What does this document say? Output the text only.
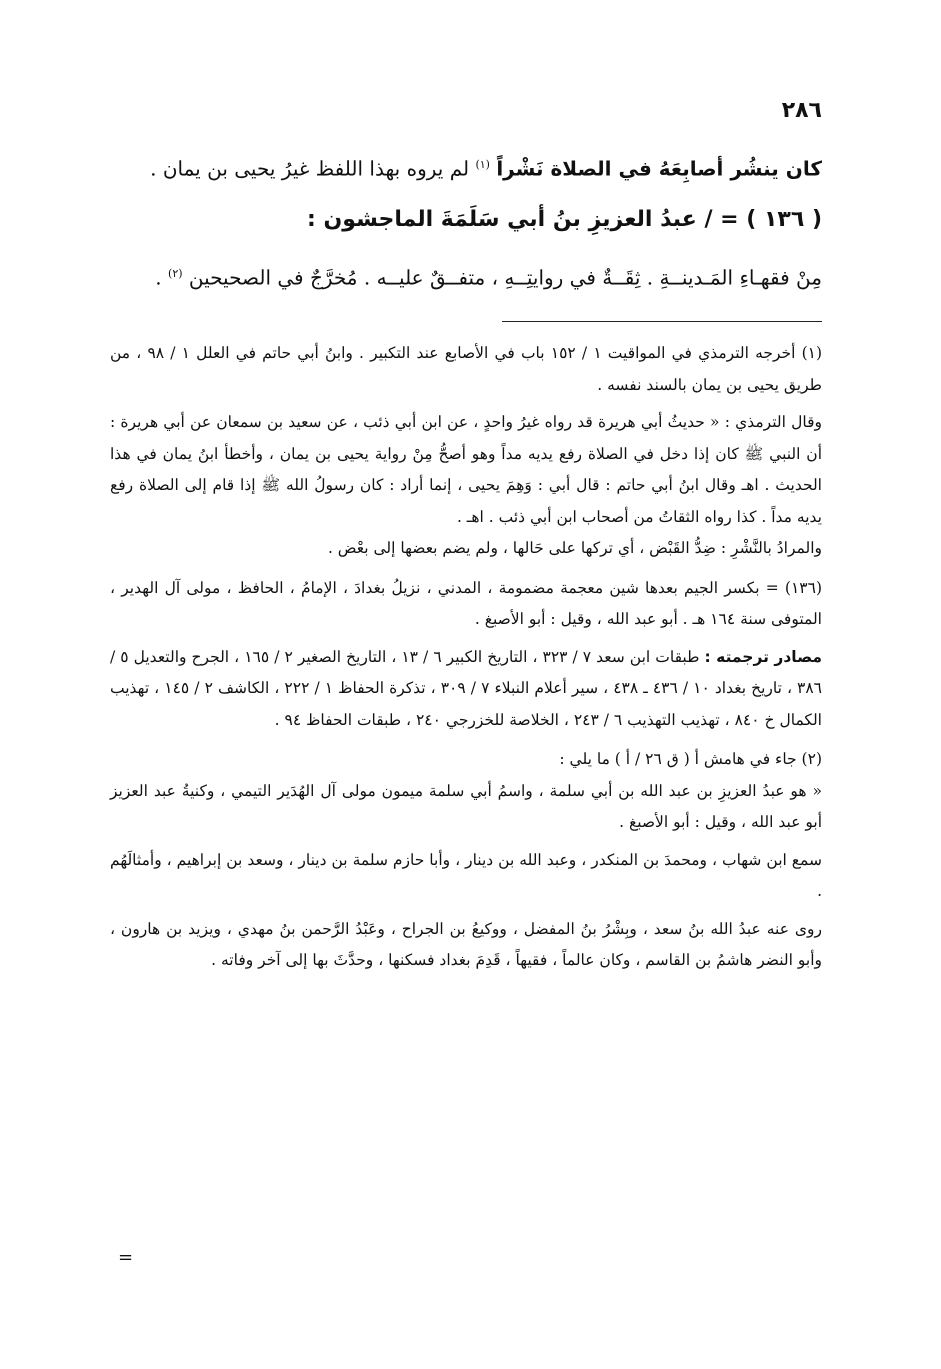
٢٨٦
كان ينشُر أصابِعَهُ في الصلاة نَشْراً $^{(١)}$ لم يروه بهذا اللفظ غيرُ يحيى بن يمان .
( ١٣٦ ) = / عبدُ العزيزِ بنُ أبي سَلَمَةَ الماجشون :
مِنْ فقهـاءِ المَـدينــةِ . ثِقَــةٌ في روايتِــهِ ، متفــقٌ عليــه . مُخرَّجٌ في الصحيحين $^{(٢)}$ .

(١) أخرجه الترمذي في المواقيت ١ / ١٥٢ باب في الأصابع عند التكبير . وابنُ أبي حاتم في العلل ١ / ٩٨ ، من طريق يحيى بن يمان بالسند نفسه .

وقال الترمذي : « حديثُ أبي هريرة قد رواه غيرُ واحدٍ ، عن ابن أبي ذئب ، عن سعيد بن سمعان عن أبي هريرة : أن النبي ﷺ كان إذا دخل في الصلاة رفع يديه مداً وهو أصحُّ مِنْ رواية يحيى بن يمان ، وأخطأ ابنُ يمان في هذا الحديث . اهـ وقال ابنُ أبي حاتم : قال أبي : وَهِمَ يحيى ، إنما أراد : كان رسولُ الله ﷺ إذا قام إلى الصلاة رفع يديه مداً . كذا رواه الثقاتُ من أصحاب ابن أبي ذئب . اهـ .

والمرادُ بالنَّشْرِ : ضِدُّ القَبْض ، أي تركها على حَالها ، ولم يضم بعضها إلى بعْض .

(١٣٦) = بكسر الجيم بعدها شين معجمة مضمومة ، المدني ، نزيلُ بغدادَ ، الإمامُ ، الحافظ ، مولى آل الهدير ، المتوفى سنة ١٦٤ هـ . أبو عبد الله ، وقيل : أبو الأصبغ .

مصادر ترجمته : طبقات ابن سعد ٧ / ٣٢٣ ، التاريخ الكبير ٦ / ١٣ ، التاريخ الصغير ٢ / ١٦٥ ، الجرح والتعديل ٥ / ٣٨٦ ، تاريخ بغداد ١٠ / ٤٣٦ ـ ٤٣٨ ، سير أعلام النبلاء ٧ / ٣٠٩ ، تذكرة الحفاظ ١ / ٢٢٢ ، الكاشف ٢ / ١٤٥ ، تهذيب الكمال خ ٨٤٠ ، تهذيب التهذيب ٦ / ٢٤٣ ، الخلاصة للخزرجي ٢٤٠ ، طبقات الحفاظ ٩٤ .

(٢) جاء في هامش أ ( ق ٢٦ / أ ) ما يلي :

« هو عبدُ العزيزِ بن عبد الله بن أبي سلمة ، واسمُ أبي سلمة ميمون مولى آل الهُدَير التيمي ، وكنيةُ عبد العزيز أبو عبد الله ، وقيل : أبو الأصبغ .

سمع ابن شهاب ، ومحمدَ بن المنكدر ، وعبد الله بن دينار ، وأبا حازم سلمة بن دينار ، وسعد بن إبراهيم ، وأمثالَهُم .

روى عنه عبدُ الله بنُ سعد ، وبِشْرُ بنُ المفضل ، ووكيعُ بن الجراح ، وعَبْدُ الرَّحمن بنُ مهدي ، ويزيد بن هارون ، وأبو النضر هاشمُ بن القاسم ، وكان عالماً ، فقيهاً ، قَدِمَ بغداد فسكنها ، وحدَّثَ بها إلى آخر وفاته .

=
